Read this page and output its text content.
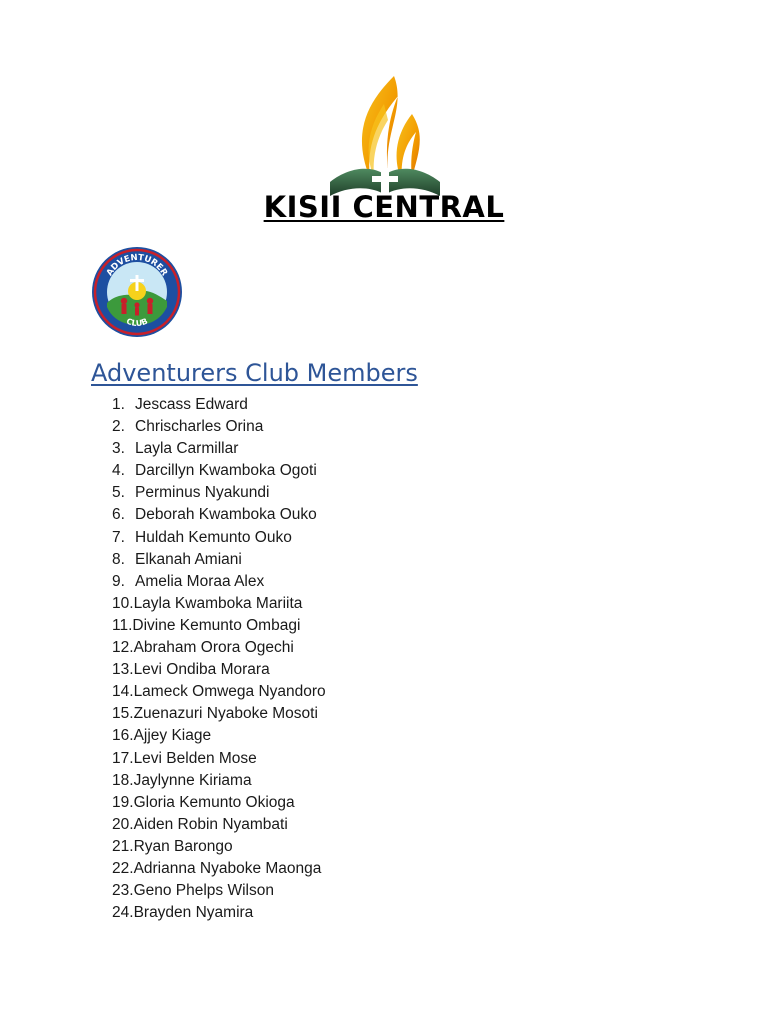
KISII CENTRAL
ADVENTURER
CLUB
Adventurers Club Members
1. Jescass Edward
2. Chrischarles Orina
3. Layla Carmillar
4. Darcillyn Kwamboka Ogoti
5. Perminus Nyakundi
6. Deborah Kwamboka Ouko
7. Huldah Kemunto Ouko
8. Elkanah Amiani
9. Amelia Moraa Alex
10.Layla Kwamboka Mariita
11.Divine Kemunto Ombagi
12.Abraham Orora Ogechi
13.Levi Ondiba Morara
14.Lameck Omwega Nyandoro
15.Zuenazuri Nyaboke Mosoti
16.Ajjey Kiage
17.Levi Belden Mose
18.Jaylynne Kiriama
19.Gloria Kemunto Okioga
20.Aiden Robin Nyambati
21.Ryan Barongo
22.Adrianna Nyaboke Maonga
23.Geno Phelps Wilson
24.Brayden Nyamira
